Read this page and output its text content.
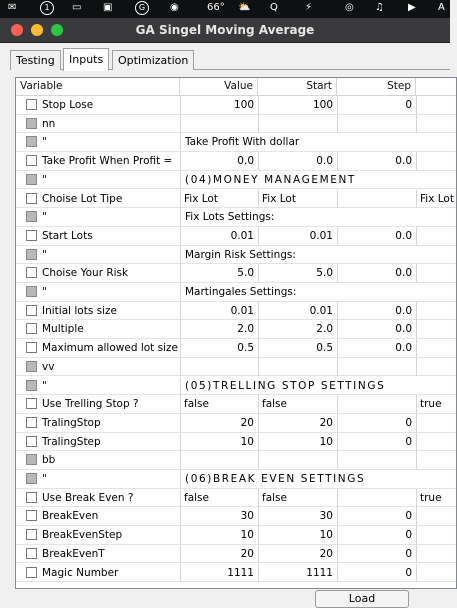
✉	1	▭ ▣	G	◉	66° ⛅ Q	⚡	◎ ♫ ▶ A
GA Singel Moving Average
Testing	Inputs	Optimization
Variable	Value	Start	Step
Stop Lose	100	100	0
nn
"	Take Profit With dollar
Take Profit When Profit =	0.0	0.0	0.0
"	(04)MONEY MANAGEMENT
Choise Lot Tipe	Fix Lot	Fix Lot	Fix Lot
"	Fix Lots Settings:
Start Lots	0.01	0.01	0.0
"	Margin Risk Settings:
Choise Your Risk	5.0	5.0	0.0
"	Martingales Settings:
Initial lots size	0.01	0.01	0.0
Multiple	2.0	2.0	0.0
Maximum allowed lot size	0.5	0.5	0.0
vv
"	(05)TRELLING STOP SETTINGS
Use Trelling Stop ?	false	false	true
TralingStop	20	20	0
TralingStep	10	10	0
bb
"	(06)BREAK EVEN SETTINGS
Use Break Even ?	false	false	true
BreakEven	30	30	0
BreakEvenStep	10	10	0
BreakEvenT	20	20	0
Magic Number	1111	1111	0
Load
